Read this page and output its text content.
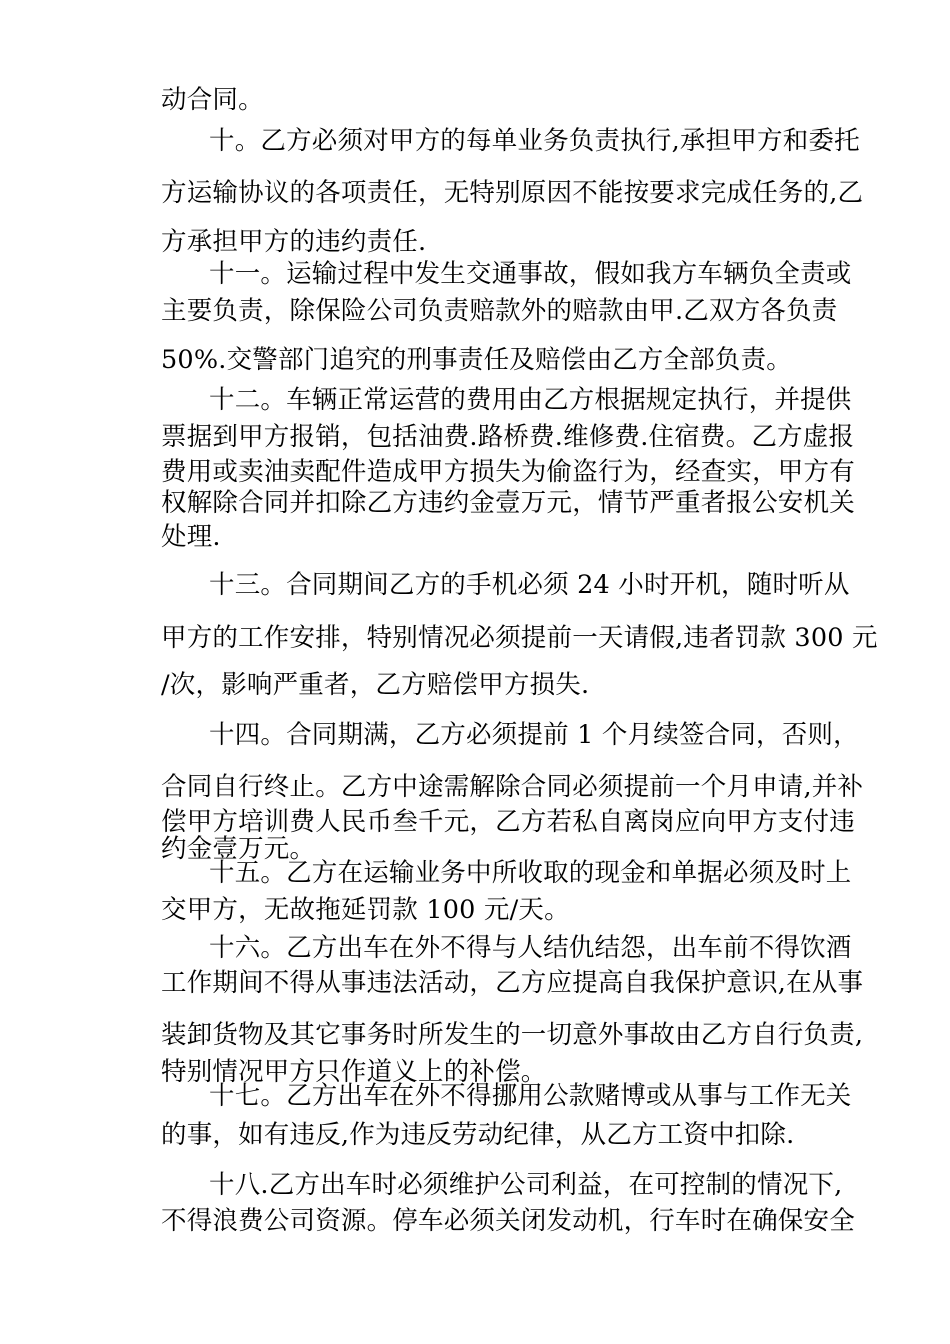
动合同。
十。乙方必须对甲方的每单业务负责执行,承担甲方和委托
方运输协议的各项责任，无特别原因不能按要求完成任务的,乙
方承担甲方的违约责任.
十一。运输过程中发生交通事故，假如我方车辆负全责或
主要负责，除保险公司负责赔款外的赔款由甲.乙双方各负责
50%.交警部门追究的刑事责任及赔偿由乙方全部负责。
十二。车辆正常运营的费用由乙方根据规定执行，并提供
票据到甲方报销，包括油费.路桥费.维修费.住宿费。乙方虚报
费用或卖油卖配件造成甲方损失为偷盗行为，经查实，甲方有
权解除合同并扣除乙方违约金壹万元，情节严重者报公安机关
处理.
十三。合同期间乙方的手机必须 24 小时开机，随时听从
甲方的工作安排，特别情况必须提前一天请假,违者罚款 300 元
/次，影响严重者，乙方赔偿甲方损失.
十四。合同期满，乙方必须提前 1 个月续签合同，否则，
合同自行终止。乙方中途需解除合同必须提前一个月申请,并补
偿甲方培训费人民币叁千元，乙方若私自离岗应向甲方支付违
约金壹万元。
十五。乙方在运输业务中所收取的现金和单据必须及时上
交甲方，无故拖延罚款 100 元/天。
十六。乙方出车在外不得与人结仇结怨，出车前不得饮酒
工作期间不得从事违法活动，乙方应提高自我保护意识,在从事
装卸货物及其它事务时所发生的一切意外事故由乙方自行负责,
特别情况甲方只作道义上的补偿。
十七。乙方出车在外不得挪用公款赌博或从事与工作无关
的事，如有违反,作为违反劳动纪律，从乙方工资中扣除.
十八.乙方出车时必须维护公司利益，在可控制的情况下,
不得浪费公司资源。停车必须关闭发动机，行车时在确保安全
